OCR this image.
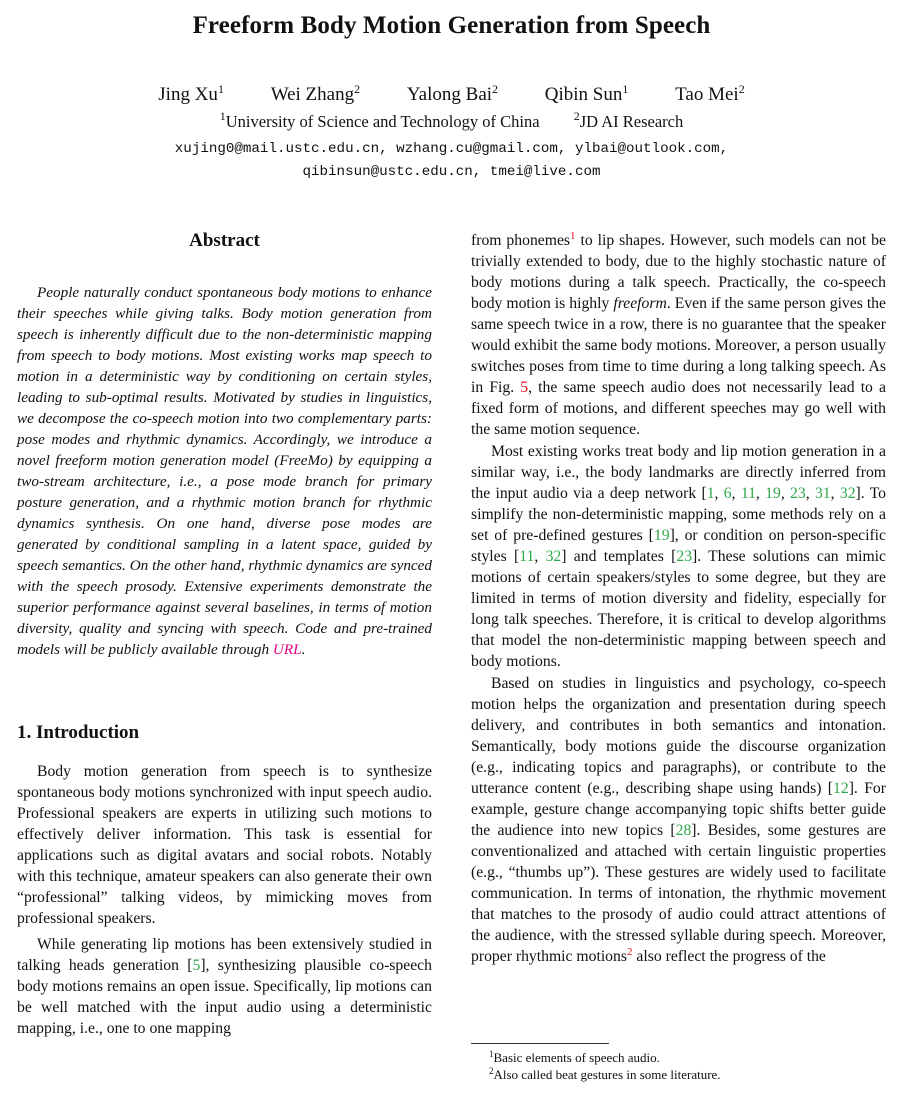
Freeform Body Motion Generation from Speech
Jing Xu$^1$ Wei Zhang$^2$ Yalong Bai$^2$ Qibin Sun$^1$ Tao Mei$^2$
$^1$University of Science and Technology of China	$^2$JD AI Research
xujing0@mail.ustc.edu.cn, wzhang.cu@gmail.com, ylbai@outlook.com,
qibinsun@ustc.edu.cn, tmei@live.com
Abstract

People naturally conduct spontaneous body motions to enhance their speeches while giving talks. Body motion generation from speech is inherently difficult due to the non-deterministic mapping from speech to body motions. Most existing works map speech to motion in a deterministic way by conditioning on certain styles, leading to sub-optimal results. Motivated by studies in linguistics, we decompose the co-speech motion into two complementary parts: pose modes and rhythmic dynamics. Accordingly, we introduce a novel freeform motion generation model (FreeMo) by equipping a two-stream architecture, i.e., a pose mode branch for primary posture generation, and a rhythmic motion branch for rhythmic dynamics synthesis. On one hand, diverse pose modes are generated by conditional sampling in a latent space, guided by speech semantics. On the other hand, rhythmic dynamics are synced with the speech prosody. Extensive experiments demonstrate the superior performance against several baselines, in terms of motion diversity, quality and syncing with speech. Code and pre-trained models will be publicly available through URL.

1. Introduction

Body motion generation from speech is to synthesize spontaneous body motions synchronized with input speech audio. Professional speakers are experts in utilizing such motions to effectively deliver information. This task is essential for applications such as digital avatars and social robots. Notably with this technique, amateur speakers can also generate their own “professional” talking videos, by mimicking moves from professional speakers.

While generating lip motions has been extensively studied in talking heads generation [5], synthesizing plausible co-speech body motions remains an open issue. Specifically, lip motions can be well matched with the input audio using a deterministic mapping, i.e., one to one mapping

from phonemes$^1$ to lip shapes. However, such models can not be trivially extended to body, due to the highly stochastic nature of body motions during a talk speech. Practically, the co-speech body motion is highly freeform. Even if the same person gives the same speech twice in a row, there is no guarantee that the speaker would exhibit the same body motions. Moreover, a person usually switches poses from time to time during a long talking speech. As in Fig. 5, the same speech audio does not necessarily lead to a fixed form of motions, and different speeches may go well with the same motion sequence.

Most existing works treat body and lip motion generation in a similar way, i.e., the body landmarks are directly inferred from the input audio via a deep network [1, 6, 11, 19, 23, 31, 32]. To simplify the non-deterministic mapping, some methods rely on a set of pre-defined gestures [19], or condition on person-specific styles [11, 32] and templates [23]. These solutions can mimic motions of certain speakers/styles to some degree, but they are limited in terms of motion diversity and fidelity, especially for long talk speeches. Therefore, it is critical to develop algorithms that model the non-deterministic mapping between speech and body motions.

Based on studies in linguistics and psychology, co-speech motion helps the organization and presentation during speech delivery, and contributes in both semantics and intonation. Semantically, body motions guide the discourse organization (e.g., indicating topics and paragraphs), or contribute to the utterance content (e.g., describing shape using hands) [12]. For example, gesture change accompanying topic shifts better guide the audience into new topics [28]. Besides, some gestures are conventionalized and attached with certain linguistic properties (e.g., “thumbs up”). These gestures are widely used to facilitate communication. In terms of intonation, the rhythmic movement that matches to the prosody of audio could attract attentions of the audience, with the stressed syllable during speech. Moreover, proper rhythmic motions$^2$ also reflect the progress of the

$^1$Basic elements of speech audio.

$^2$Also called beat gestures in some literature.
